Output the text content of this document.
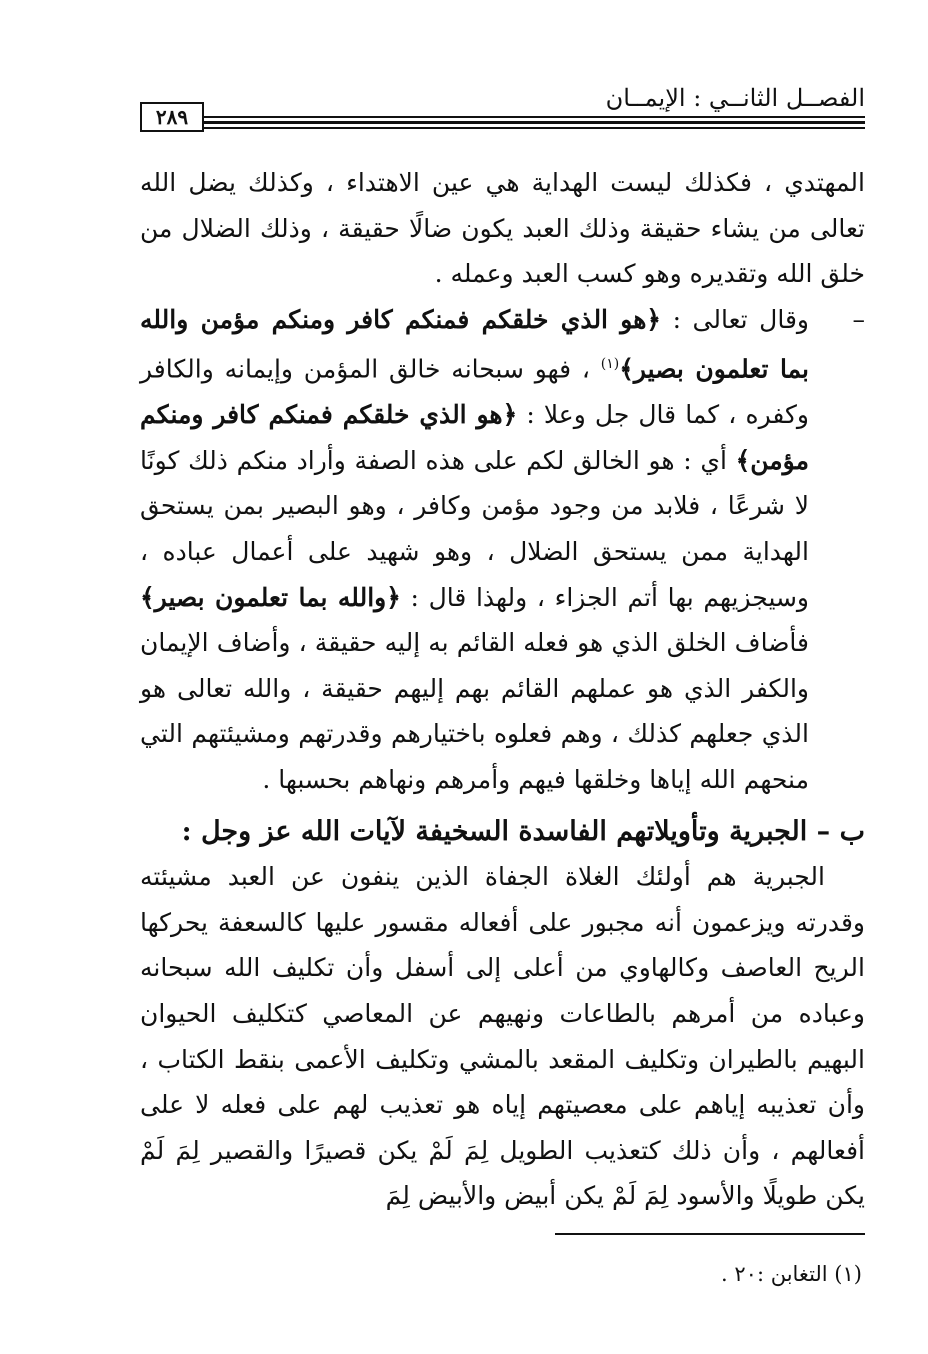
الفصــل الثانــي : الإيمــان
٢٨٩

المهتدي ، فكذلك ليست الهداية هي عين الاهتداء ، وكذلك يضل الله تعالى من يشاء حقيقة وذلك العبد يكون ضالًا حقيقة ، وذلك الضلال من خلق الله وتقديره وهو كسب العبد وعمله .

–

وقال تعالى : ﴿هو الذي خلقكم فمنكم كافر ومنكم مؤمن والله بما تعلمون بصير﴾$^{(١)}$ ، فهو سبحانه خالق المؤمن وإيمانه والكافر وكفره ، كما قال جل وعلا : ﴿هو الذي خلقكم فمنكم كافر ومنكم مؤمن﴾ أي : هو الخالق لكم على هذه الصفة وأراد منكم ذلك كونًا لا شرعًا ، فلابد من وجود مؤمن وكافر ، وهو البصير بمن يستحق الهداية ممن يستحق الضلال ، وهو شهيد على أعمال عباده ، وسيجزيهم بها أتم الجزاء ، ولهذا قال : ﴿والله بما تعلمون بصير﴾ فأضاف الخلق الذي هو فعله القائم به إليه حقيقة ، وأضاف الإيمان والكفر الذي هو عملهم القائم بهم إليهم حقيقة ، والله تعالى هو الذي جعلهم كذلك ، وهم فعلوه باختيارهم وقدرتهم ومشيئتهم التي منحهم الله إياها وخلقها فيهم وأمرهم ونهاهم بحسبها .

ب – الجبرية وتأويلاتهم الفاسدة السخيفة لآيات الله عز وجل :

الجبرية هم أولئك الغلاة الجفاة الذين ينفون عن العبد مشيئته وقدرته ويزعمون أنه مجبور على أفعاله مقسور عليها كالسعفة يحركها الريح العاصف وكالهاوي من أعلى إلى أسفل وأن تكليف الله سبحانه وعباده من أمرهم بالطاعات ونهيهم عن المعاصي كتكليف الحيوان البهيم بالطيران وتكليف المقعد بالمشي وتكليف الأعمى بنقط الكتاب ، وأن تعذيبه إياهم على معصيتهم إياه هو تعذيب لهم على فعله لا على أفعالهم ، وأن ذلك كتعذيب الطويل لِمَ لَمْ يكن قصيرًا والقصير لِمَ لَمْ يكن طويلًا والأسود لِمَ لَمْ يكن أبيض والأبيض لِمَ

(١) التغابن :٢٠ .
